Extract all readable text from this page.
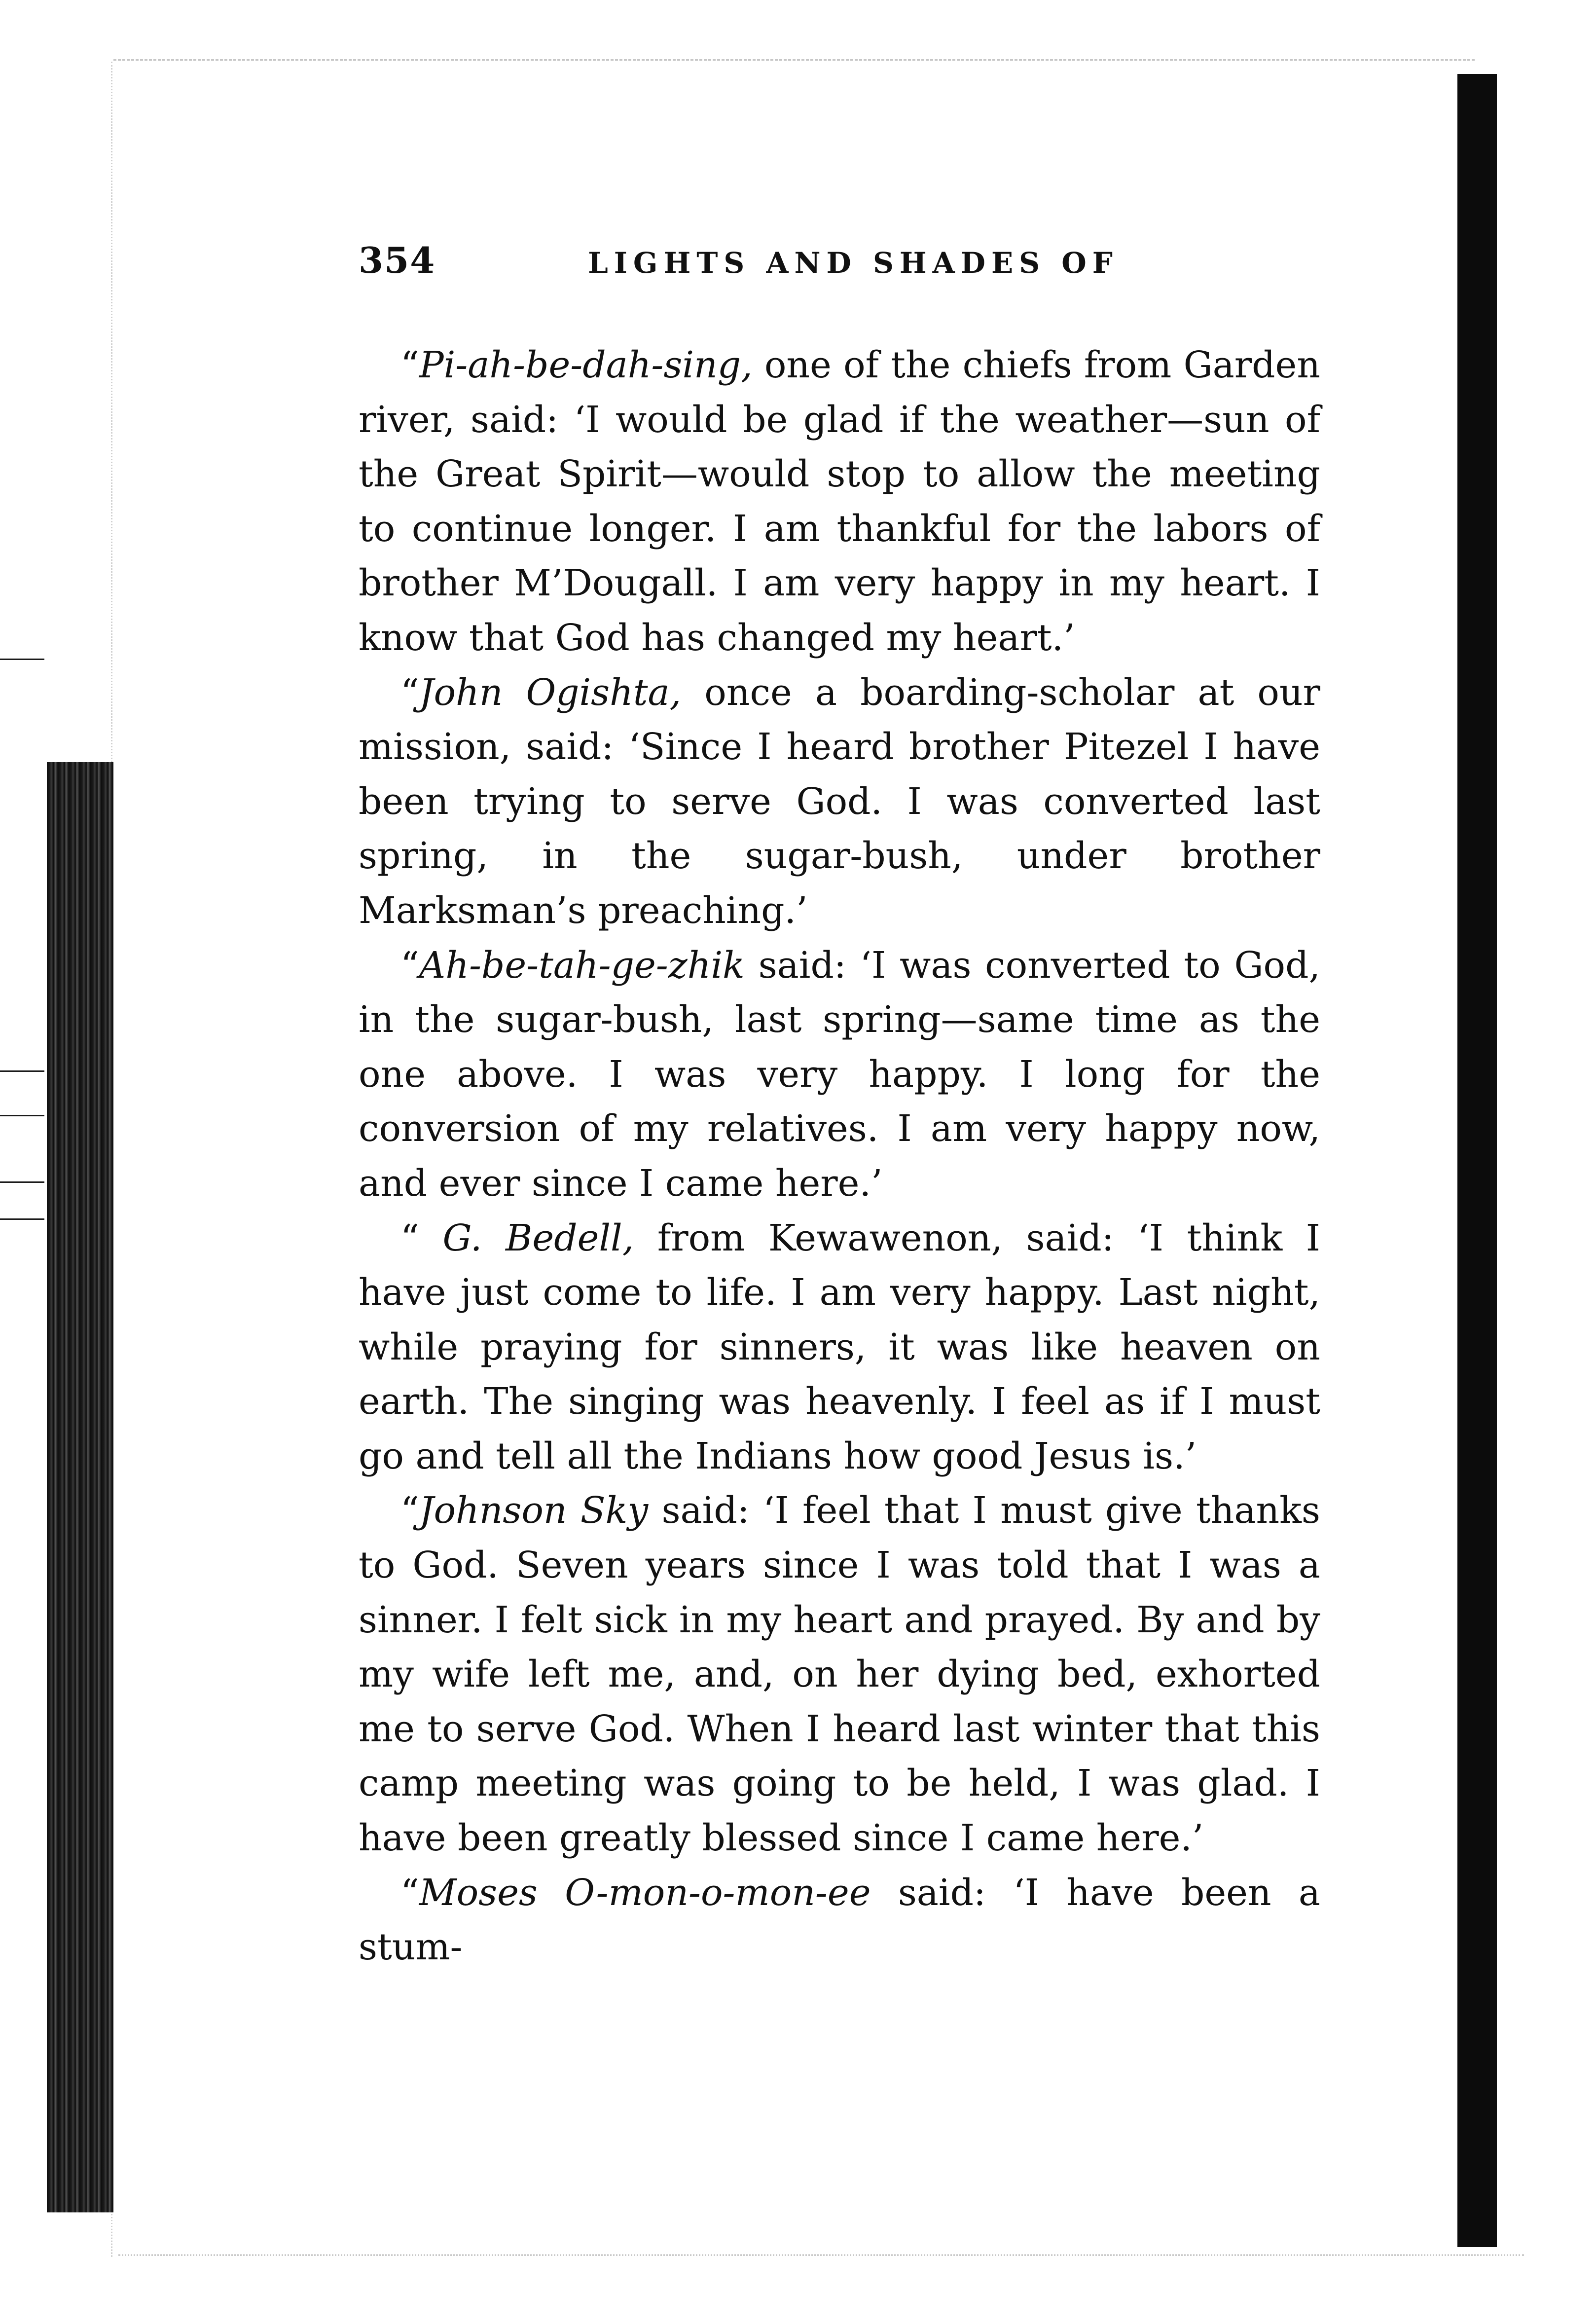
354	LIGHTS AND SHADES OF

“Pi-ah-be-dah-sing, one of the chiefs from Garden river, said: ‘I would be glad if the weather—sun of the Great Spirit—would stop to allow the meeting to continue longer. I am thankful for the labors of brother M’Dougall. I am very happy in my heart. I know that God has changed my heart.’

“John Ogishta, once a boarding-scholar at our mission, said: ‘Since I heard brother Pitezel I have been trying to serve God. I was converted last spring, in the sugar-bush, under brother Marksman’s preaching.’

“Ah-be-tah-ge-zhik said: ‘I was converted to God, in the sugar-bush, last spring—same time as the one above. I was very happy. I long for the conversion of my relatives. I am very happy now, and ever since I came here.’

“ G. Bedell, from Kewawenon, said: ‘I think I have just come to life. I am very happy. Last night, while praying for sinners, it was like heaven on earth. The singing was heavenly. I feel as if I must go and tell all the Indians how good Jesus is.’

“Johnson Sky said: ‘I feel that I must give thanks to God. Seven years since I was told that I was a sinner. I felt sick in my heart and prayed. By and by my wife left me, and, on her dying bed, exhorted me to serve God. When I heard last winter that this camp meeting was going to be held, I was glad. I have been greatly blessed since I came here.’

“Moses O-mon-o-mon-ee said: ‘I have been a stum-
